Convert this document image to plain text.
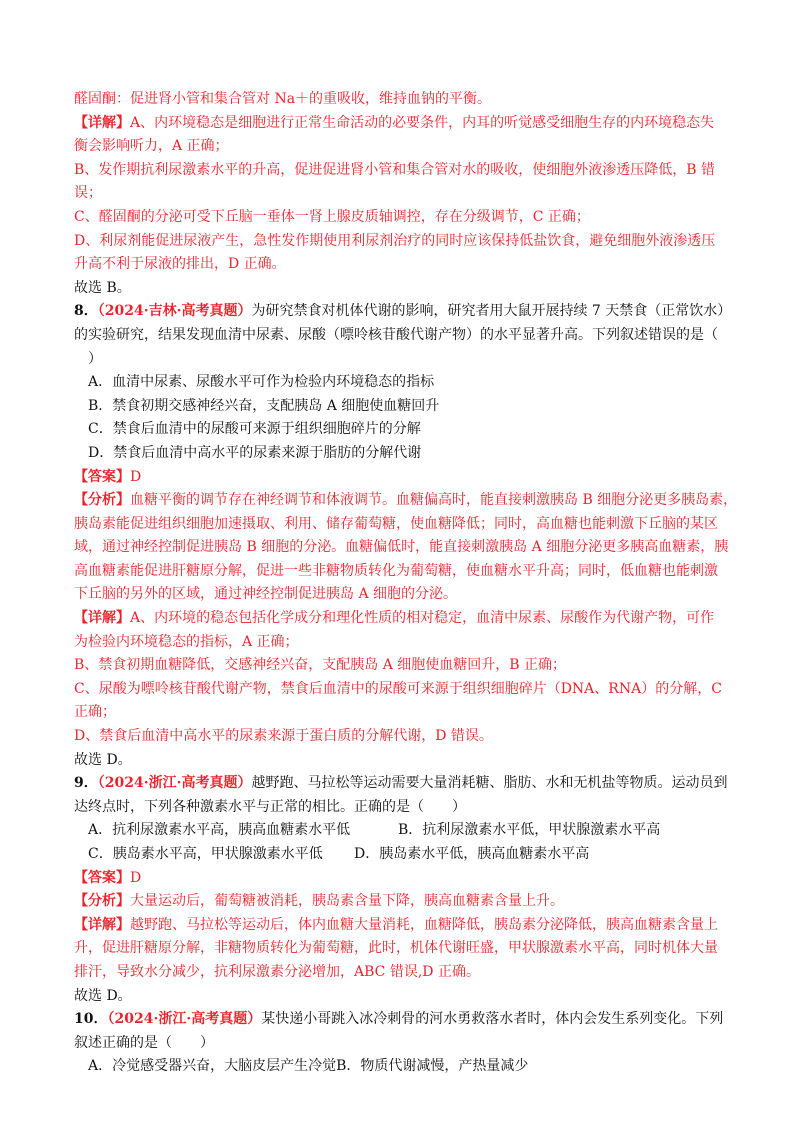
醛固酮：促进肾小管和集合管对 Na＋的重吸收，维持血钠的平衡。
【详解】A、内环境稳态是细胞进行正常生命活动的必要条件，内耳的听觉感受细胞生存的内环境稳态失
衡会影响听力，A 正确；
B、发作期抗利尿激素水平的升高，促进促进肾小管和集合管对水的吸收，使细胞外液渗透压降低，B 错
误；
C、醛固酮的分泌可受下丘脑一垂体一肾上腺皮质轴调控，存在分级调节，C 正确；
D、利尿剂能促进尿液产生，急性发作期使用利尿剂治疗的同时应该保持低盐饮食，避免细胞外液渗透压
升高不利于尿液的排出，D 正确。
故选 B。
8．（2024·吉林·高考真题）为研究禁食对机体代谢的影响，研究者用大鼠开展持续 7 天禁食（正常饮水）
的实验研究，结果发现血清中尿素、尿酸（嘌呤核苷酸代谢产物）的水平显著升高。下列叙述错误的是（
）
A．血清中尿素、尿酸水平可作为检验内环境稳态的指标
B．禁食初期交感神经兴奋，支配胰岛 A 细胞使血糖回升
C．禁食后血清中的尿酸可来源于组织细胞碎片的分解
D．禁食后血清中高水平的尿素来源于脂肪的分解代谢
【答案】D
【分析】血糖平衡的调节存在神经调节和体液调节。血糖偏高时，能直接刺激胰岛 B 细胞分泌更多胰岛素，
胰岛素能促进组织细胞加速摄取、利用、储存葡萄糖，使血糖降低；同时，高血糖也能刺激下丘脑的某区
域，通过神经控制促进胰岛 B 细胞的分泌。血糖偏低时，能直接刺激胰岛 A 细胞分泌更多胰高血糖素，胰
高血糖素能促进肝糖原分解，促进一些非糖物质转化为葡萄糖，使血糖水平升高；同时，低血糖也能刺激
下丘脑的另外的区域，通过神经控制促进胰岛 A 细胞的分泌。
【详解】A、内环境的稳态包括化学成分和理化性质的相对稳定，血清中尿素、尿酸作为代谢产物，可作
为检验内环境稳态的指标，A 正确；
B、禁食初期血糖降低，交感神经兴奋，支配胰岛 A 细胞使血糖回升，B 正确；
C、尿酸为嘌呤核苷酸代谢产物，禁食后血清中的尿酸可来源于组织细胞碎片（DNA、RNA）的分解，C
正确；
D、禁食后血清中高水平的尿素来源于蛋白质的分解代谢，D 错误。
故选 D。
9．（2024·浙江·高考真题）越野跑、马拉松等运动需要大量消耗糖、脂肪、水和无机盐等物质。运动员到
达终点时，下列各种激素水平与正常的相比。正确的是（　　）
A．抗利尿激素水平高，胰高血糖素水平低	B．抗利尿激素水平低，甲状腺激素水平高
C．胰岛素水平高，甲状腺激素水平低 D．胰岛素水平低，胰高血糖素水平高
【答案】D
【分析】大量运动后，葡萄糖被消耗，胰岛素含量下降，胰高血糖素含量上升。
【详解】越野跑、马拉松等运动后，体内血糖大量消耗，血糖降低，胰岛素分泌降低，胰高血糖素含量上
升，促进肝糖原分解，非糖物质转化为葡萄糖，此时，机体代谢旺盛，甲状腺激素水平高，同时机体大量
排汗，导致水分减少，抗利尿激素分泌增加，ABC 错误,D 正确。
故选 D。
10．（2024·浙江·高考真题）某快递小哥跳入冰冷刺骨的河水勇救落水者时，体内会发生系列变化。下列
叙述正确的是（　　）
A．冷觉感受器兴奋，大脑皮层产生冷觉B．物质代谢减慢，产热量减少
